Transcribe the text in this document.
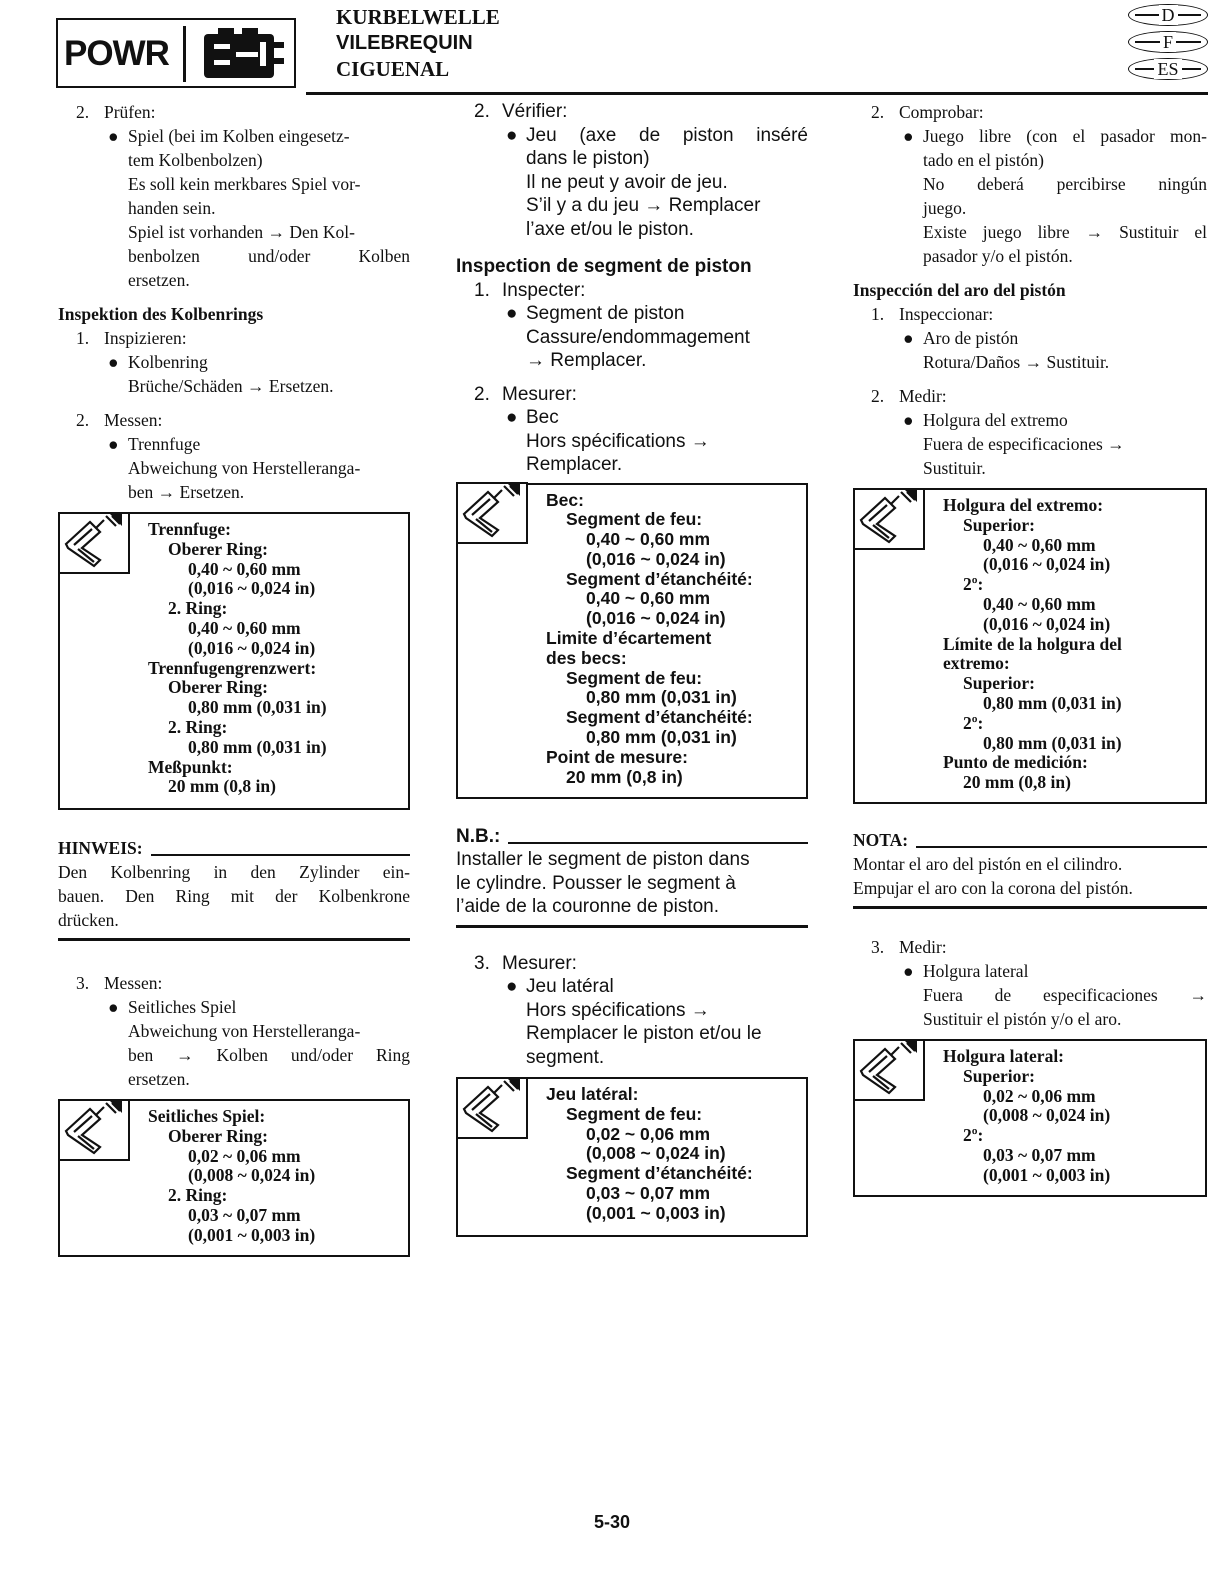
POWR
KURBELWELLE
VILEBREQUIN
CIGUENAL
D
F
ES
2. Prüfen:
● Spiel (bei im Kolben eingesetz-
tem Kolbenbolzen)
Es soll kein merkbares Spiel vor-
handen sein.
Spiel ist vorhanden → Den Kol-
benbolzen und/oder Kolben
ersetzen.
Inspektion des Kolbenrings
1. Inspizieren:
● Kolbenring
Brüche/Schäden → Ersetzen.
2. Messen:
● Trennfuge
Abweichung von Herstelleranga-
ben → Ersetzen.
Trennfuge:
Oberer Ring:
0,40 ~ 0,60 mm
(0,016 ~ 0,024 in)
2. Ring:
0,40 ~ 0,60 mm
(0,016 ~ 0,024 in)
Trennfugengrenzwert:
Oberer Ring:
0,80 mm (0,031 in)
2. Ring:
0,80 mm (0,031 in)
Meßpunkt:
20 mm (0,8 in)
HINWEIS:
Den Kolbenring in den Zylinder ein-
bauen. Den Ring mit der Kolbenkrone
drücken.
3. Messen:
● Seitliches Spiel
Abweichung von Herstelleranga-
ben → Kolben und/oder Ring
ersetzen.
Seitliches Spiel:
Oberer Ring:
0,02 ~ 0,06 mm
(0,008 ~ 0,024 in)
2. Ring:
0,03 ~ 0,07 mm
(0,001 ~ 0,003 in)
2. Vérifier:
● Jeu (axe de piston inséré
dans le piston)
Il ne peut y avoir de jeu.
S’il y a du jeu → Remplacer
l’axe et/ou le piston.
Inspection de segment de piston
1. Inspecter:
● Segment de piston
Cassure/endommagement
→ Remplacer.
2. Mesurer:
● Bec
Hors spécifications →
Remplacer.
Bec:
Segment de feu:
0,40 ~ 0,60 mm
(0,016 ~ 0,024 in)
Segment d’étanchéité:
0,40 ~ 0,60 mm
(0,016 ~ 0,024 in)
Limite d’écartement
des becs:
Segment de feu:
0,80 mm (0,031 in)
Segment d’étanchéité:
0,80 mm (0,031 in)
Point de mesure:
20 mm (0,8 in)
N.B.:
Installer le segment de piston dans
le cylindre. Pousser le segment à
l’aide de la couronne de piston.
3. Mesurer:
● Jeu latéral
Hors spécifications →
Remplacer le piston et/ou le
segment.
Jeu latéral:
Segment de feu:
0,02 ~ 0,06 mm
(0,008 ~ 0,024 in)
Segment d’étanchéité:
0,03 ~ 0,07 mm
(0,001 ~ 0,003 in)
2. Comprobar:
● Juego libre (con el pasador mon-
tado en el pistón)
No deberá percibirse ningún
juego.
Existe juego libre → Sustituir el
pasador y/o el pistón.
Inspección del aro del pistón
1. Inspeccionar:
● Aro de pistón
Rotura/Daños → Sustituir.
2. Medir:
● Holgura del extremo
Fuera de especificaciones →
Sustituir.
Holgura del extremo:
Superior:
0,40 ~ 0,60 mm
(0,016 ~ 0,024 in)
2º:
0,40 ~ 0,60 mm
(0,016 ~ 0,024 in)
Límite de la holgura del
extremo:
Superior:
0,80 mm (0,031 in)
2º:
0,80 mm (0,031 in)
Punto de medición:
20 mm (0,8 in)
NOTA:
Montar el aro del pistón en el cilindro.
Empujar el aro con la corona del pistón.
3. Medir:
● Holgura lateral
Fuera de especificaciones →
Sustituir el pistón y/o el aro.
Holgura lateral:
Superior:
0,02 ~ 0,06 mm
(0,008 ~ 0,024 in)
2º:
0,03 ~ 0,07 mm
(0,001 ~ 0,003 in)
5-30
